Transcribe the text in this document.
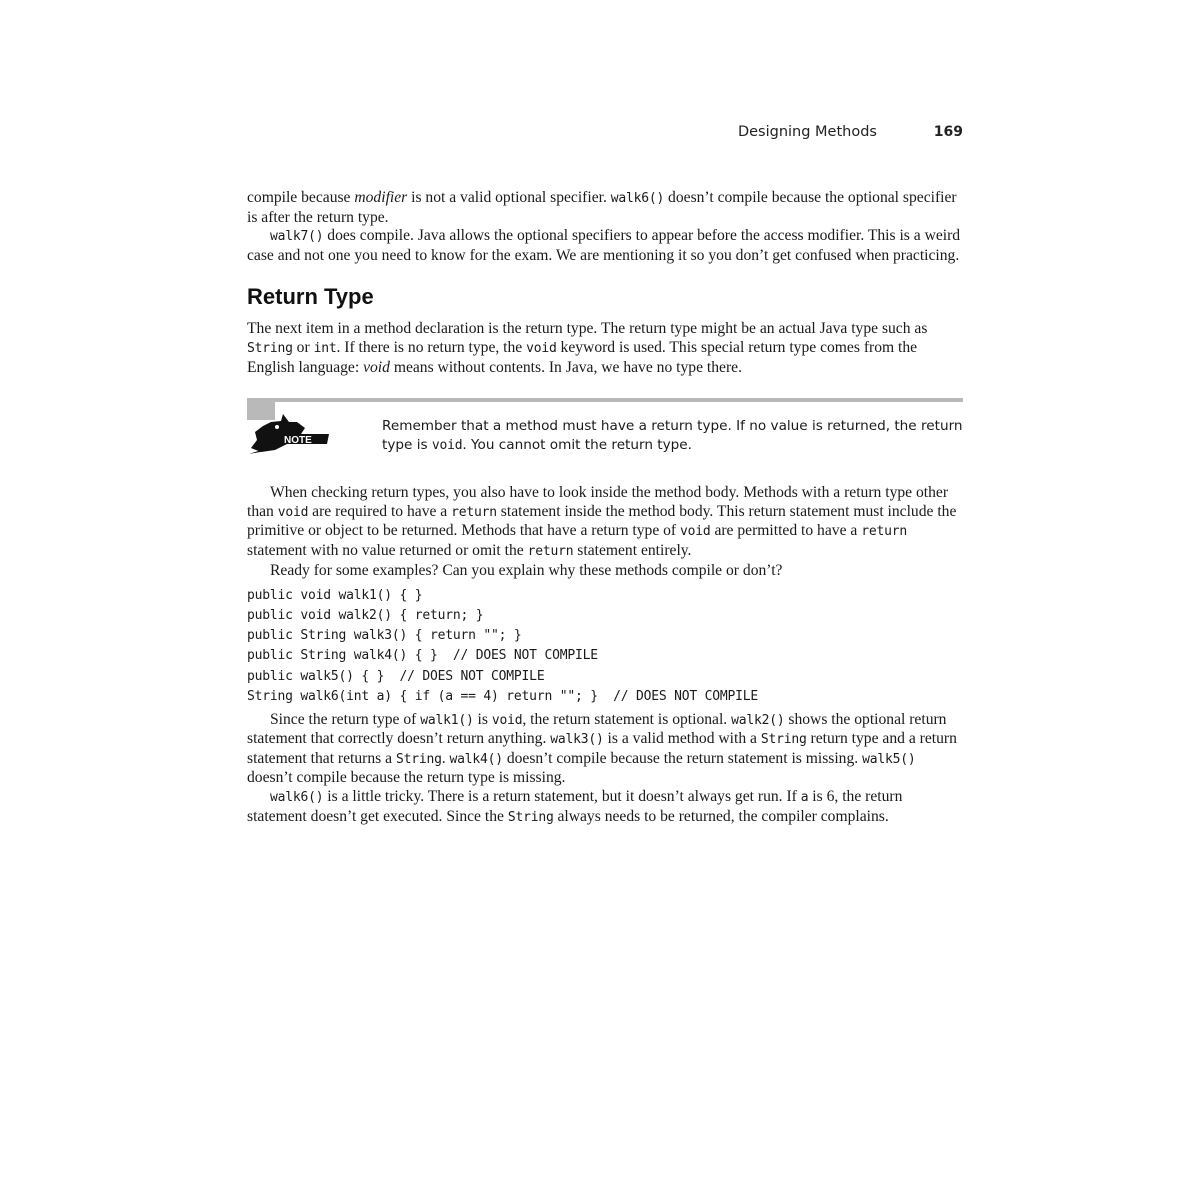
Designing Methods	169

compile because modifier is not a valid optional specifier. walk6() doesn’t compile because the optional specifier is after the return type.

walk7() does compile. Java allows the optional specifiers to appear before the access modifier. This is a weird case and not one you need to know for the exam. We are mentioning it so you don’t get confused when practicing.

Return Type

The next item in a method declaration is the return type. The return type might be an actual Java type such as String or int. If there is no return type, the void keyword is used. This special return type comes from the English language: void means without contents. In Java, we have no type there.

NOTE
Remember that a method must have a return type. If no value is returned, the return type is void. You cannot omit the return type.

When checking return types, you also have to look inside the method body. Methods with a return type other than void are required to have a return statement inside the method body. This return statement must include the primitive or object to be returned. Methods that have a return type of void are permitted to have a return statement with no value returned or omit the return statement entirely.

Ready for some examples? Can you explain why these methods compile or don’t?

public void walk1() { }
public void walk2() { return; }
public String walk3() { return ""; }
public String walk4() { }  // DOES NOT COMPILE
public walk5() { }  // DOES NOT COMPILE
String walk6(int a) { if (a == 4) return ""; }  // DOES NOT COMPILE

Since the return type of walk1() is void, the return statement is optional. walk2() shows the optional return statement that correctly doesn’t return anything. walk3() is a valid method with a String return type and a return statement that returns a String. walk4() doesn’t compile because the return statement is missing. walk5() doesn’t compile because the return type is missing.

walk6() is a little tricky. There is a return statement, but it doesn’t always get run. If a is 6, the return statement doesn’t get executed. Since the String always needs to be returned, the compiler complains.
